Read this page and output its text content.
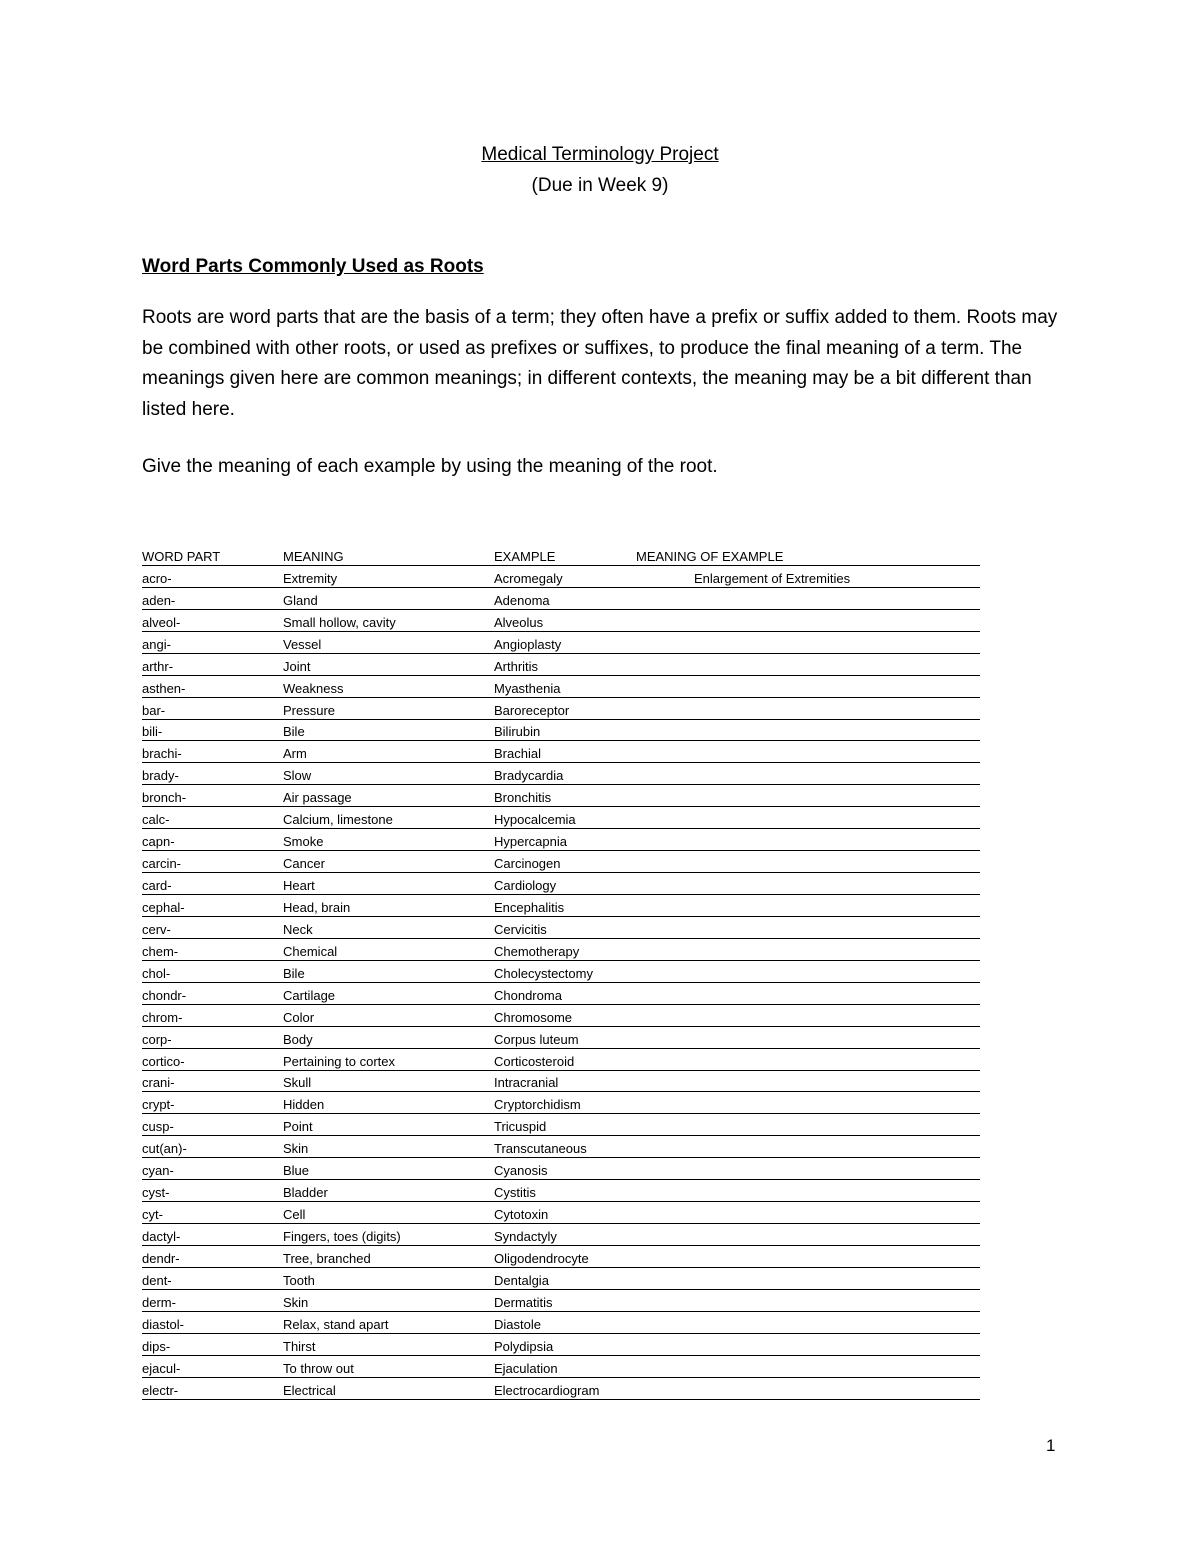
Medical Terminology Project

(Due in Week 9)

Word Parts Commonly Used as Roots

Roots are word parts that are the basis of a term; they often have a prefix or suffix added to them. Roots may be combined with other roots, or used as prefixes or suffixes, to produce the final meaning of a term. The meanings given here are common meanings; in different contexts, the meaning may be a bit different than listed here.

Give the meaning of each example by using the meaning of the root.

WORD PART	MEANING	EXAMPLE	MEANING OF EXAMPLE
acro-	Extremity	Acromegaly	Enlargement of Extremities
aden-	Gland	Adenoma
alveol-	Small hollow, cavity	Alveolus
angi-	Vessel	Angioplasty
arthr-	Joint	Arthritis
asthen-	Weakness	Myasthenia
bar-	Pressure	Baroreceptor
bili-	Bile	Bilirubin
brachi-	Arm	Brachial
brady-	Slow	Bradycardia
bronch-	Air passage	Bronchitis
calc-	Calcium, limestone	Hypocalcemia
capn-	Smoke	Hypercapnia
carcin-	Cancer	Carcinogen
card-	Heart	Cardiology
cephal-	Head, brain	Encephalitis
cerv-	Neck	Cervicitis
chem-	Chemical	Chemotherapy
chol-	Bile	Cholecystectomy
chondr-	Cartilage	Chondroma
chrom-	Color	Chromosome
corp-	Body	Corpus luteum
cortico-	Pertaining to cortex	Corticosteroid
crani-	Skull	Intracranial
crypt-	Hidden	Cryptorchidism
cusp-	Point	Tricuspid
cut(an)-	Skin	Transcutaneous
cyan-	Blue	Cyanosis
cyst-	Bladder	Cystitis
cyt-	Cell	Cytotoxin
dactyl-	Fingers, toes (digits)	Syndactyly
dendr-	Tree, branched	Oligodendrocyte
dent-	Tooth	Dentalgia
derm-	Skin	Dermatitis
diastol-	Relax, stand apart	Diastole
dips-	Thirst	Polydipsia
ejacul-	To throw out	Ejaculation
electr-	Electrical	Electrocardiogram

1
